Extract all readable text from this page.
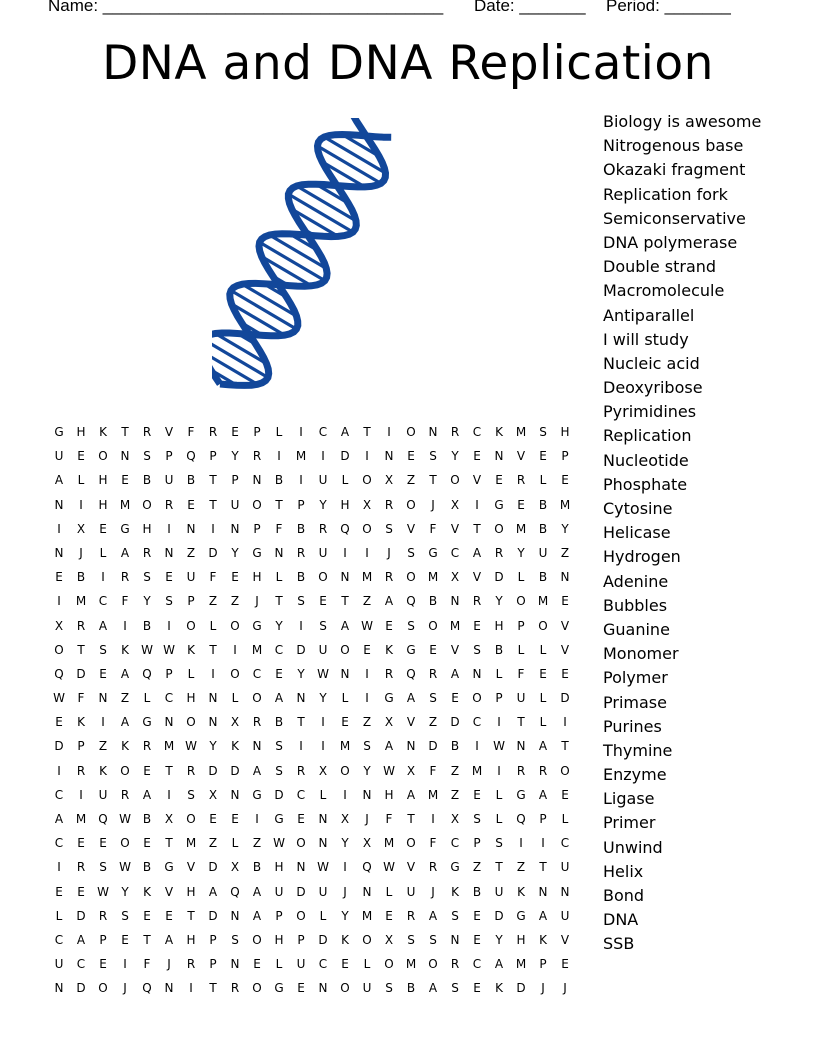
Name: ____________________________________ Date: _______ Period: _______
DNA and DNA Replication
G	H	K	T	R	V	F	R	E	P	L	I	C	A	T	I	O	N	R	C	K	M	S	H
U	E	O	N	S	P	Q	P	Y	R	I	M	I	D	I	N	E	S	Y	E	N	V	E	P
A	L	H	E	B	U	B	T	P	N	B	I	U	L	O	X	Z	T	O	V	E	R	L	E
N	I	H	M	O	R	E	T	U	O	T	P	Y	H	X	R	O	J	X	I	G	E	B	M
I	X	E	G	H	I	N	I	N	P	F	B	R	Q	O	S	V	F	V	T	O	M	B	Y
N	J	L	A	R	N	Z	D	Y	G	N	R	U	I	I	J	S	G	C	A	R	Y	U	Z
E	B	I	R	S	E	U	F	E	H	L	B	O	N	M	R	O	M	X	V	D	L	B	N
I	M	C	F	Y	S	P	Z	Z	J	T	S	E	T	Z	A	Q	B	N	R	Y	O	M	E
X	R	A	I	B	I	O	L	O	G	Y	I	S	A W	E	S	O	M	E	H	P	O	V
O	T	S	K	W W	K	T	I	M	C	D	U	O	E	K	G	E	V	S	B	L	L	V
Q	D	E	A	Q	P	L	I	O	C	E	Y	W N	I	R	Q	R	A	N	L	F	E	E
W	F	N	Z	L	C	H	N	L	O	A	N	Y	L	I	G	A	S	E	O	P	U	L	D
E	K	I	A	G	N	O	N	X	R	B	T	I	E	Z	X	V	Z	D	C	I	T	L	I
D	P	Z	K	R	M W	Y	K	N	S	I	I	M	S	A	N	D	B	I	W N	A	T
I	R	K	O	E	T	R	D	D	A	S	R	X	O	Y	W X	F	Z	M	I	R	R	O
C	I	U	R	A	I	S	X	N	G	D	C	L	I	N	H	A	M	Z	E	L	G	A	E
A	M	Q W B	X	O	E	E	I	G	E	N	X	J	F	T	I	X	S	L	Q	P	L
C	E	E	O	E	T	M	Z	L	Z W O	N	Y	X	M	O	F	C	P	S	I	I	C
I	R	S	W B	G	V	D	X	B	H	N W	I	Q W V	R	G	Z	T	Z	T	U
E	E	W	Y	K	V	H	A	Q	A	U	D	U	J	N	L	U	J	K	B	U	K	N	N
L	D	R	S	E	E	T	D	N	A	P	O	L	Y	M	E	R	A	S	E	D	G	A	U
C	A	P	E	T	A	H	P	S	O	H	P	D	K	O	X	S	S	N	E	Y	H	K	V
U	C	E	I	F	J	R	P	N	E	L	U	C	E	L	O	M	O	R	C	A	M	P	E
N	D	O	J	Q	N	I	T	R	O	G	E	N	O	U	S	B	A	S	E	K	D	J	J
Biology is awesome
Nitrogenous base
Okazaki fragment
Replication fork
Semiconservative
DNA polymerase
Double strand
Macromolecule
Antiparallel
I will study
Nucleic acid
Deoxyribose
Pyrimidines
Replication
Nucleotide
Phosphate
Cytosine
Helicase
Hydrogen
Adenine
Bubbles
Guanine
Monomer
Polymer
Primase
Purines
Thymine
Enzyme
Ligase
Primer
Unwind
Helix
Bond
DNA
SSB
